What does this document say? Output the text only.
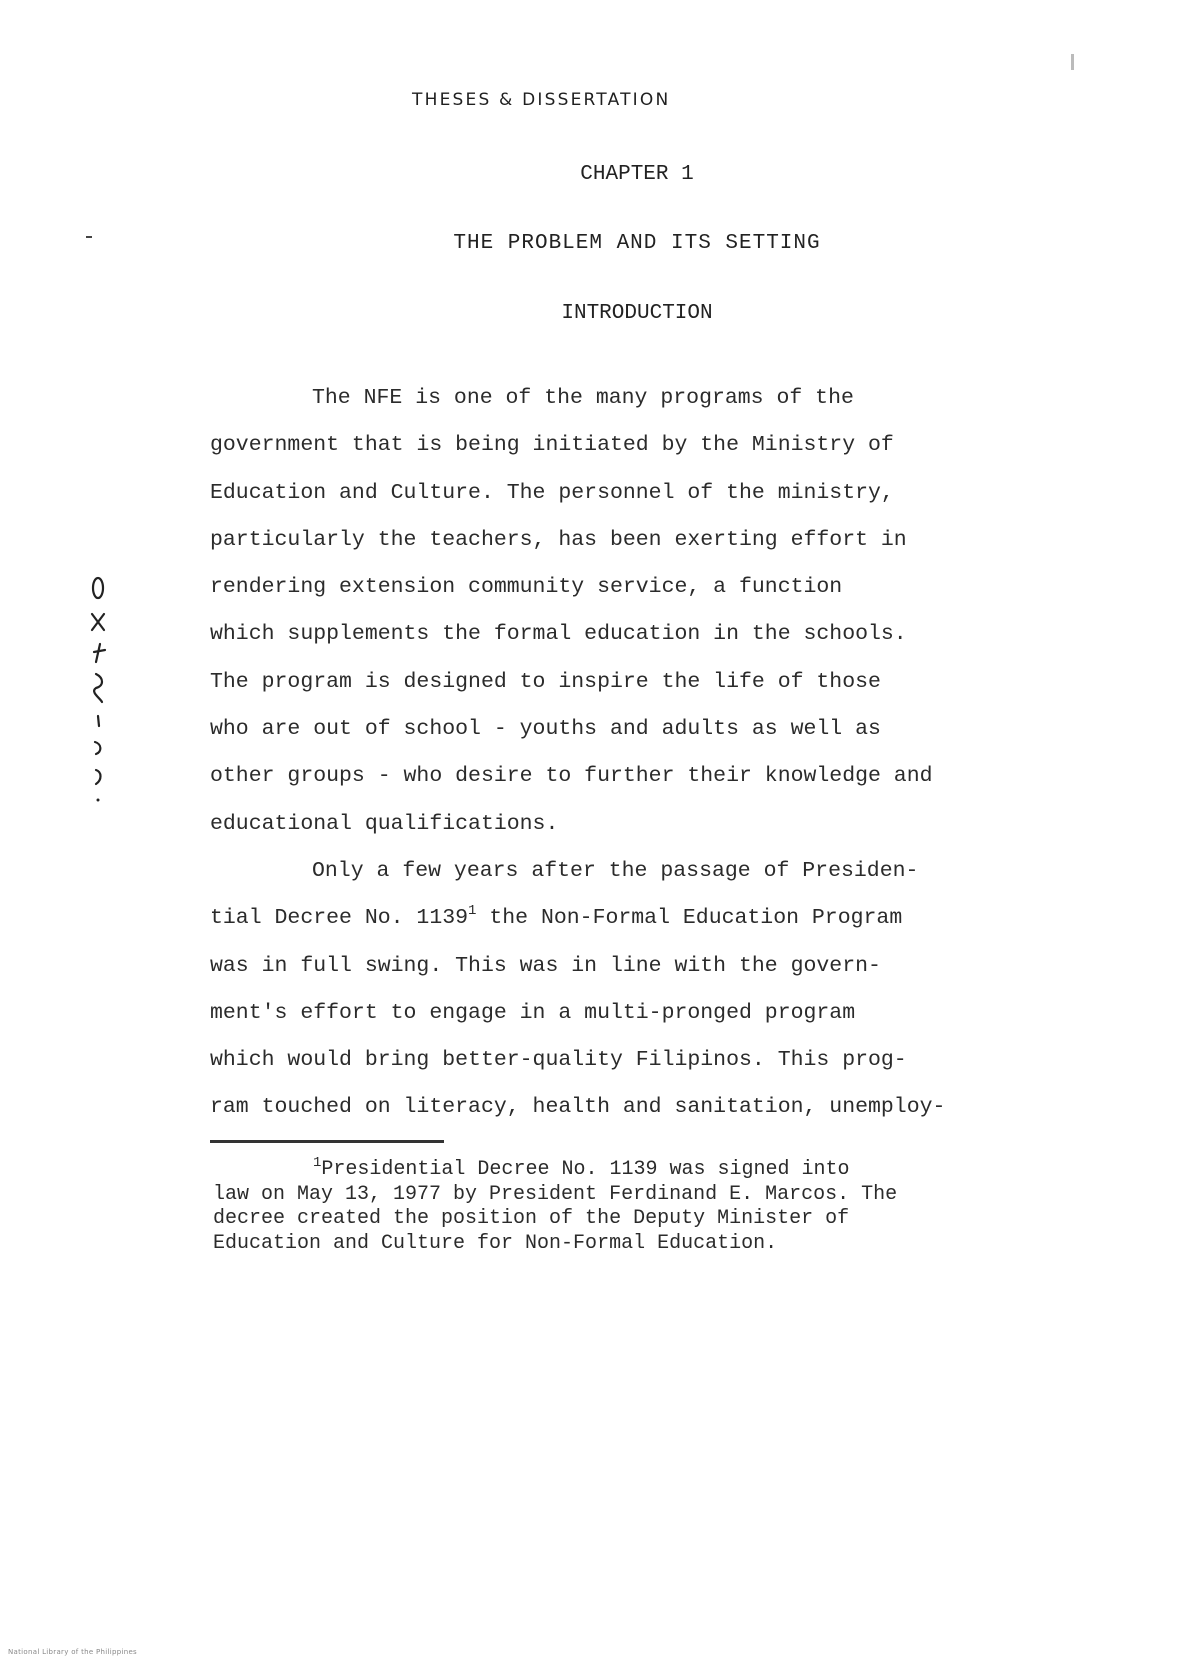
THESES & DISSERTATION
CHAPTER 1
THE PROBLEM AND ITS SETTING
INTRODUCTION
The NFE is one of the many programs of the
government that is being initiated by the Ministry of
Education and Culture. The personnel of the ministry,
particularly the teachers, has been exerting effort in
rendering extension community service, a function
which supplements the formal education in the schools.
The program is designed to inspire the life of those
who are out of school - youths and adults as well as
other groups - who desire to further their knowledge and
educational qualifications.
Only a few years after the passage of Presiden-
tial Decree No. 1139$^1$ the Non-Formal Education Program
was in full swing. This was in line with the govern-
ment's effort to engage in a multi-pronged program
which would bring better-quality Filipinos. This prog-
ram touched on literacy, health and sanitation, unemploy-
$^1$Presidential Decree No. 1139 was signed into
law on May 13, 1977 by President Ferdinand E. Marcos. The
decree created the position of the Deputy Minister of
Education and Culture for Non-Formal Education.
National Library of the Philippines
